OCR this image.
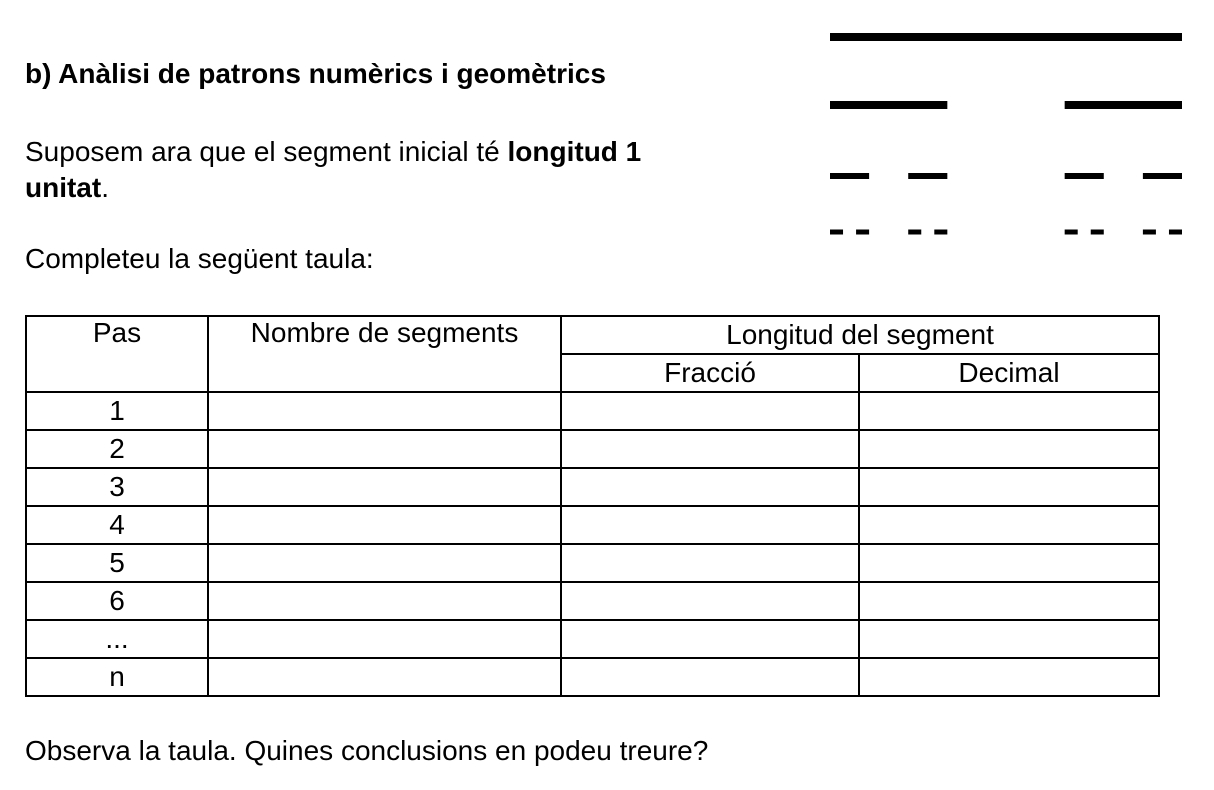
b) Anàlisi de patrons numèrics i geomètrics

Suposem ara que el segment inicial té longitud 1
unitat.

Completeu la següent taula:
Pas	Nombre de segments	Longitud del segment	
		Fracció	Decimal
1			
2			
3			
4			
5			
6			
...			
n			
Observa la taula. Quines conclusions en podeu treure?
